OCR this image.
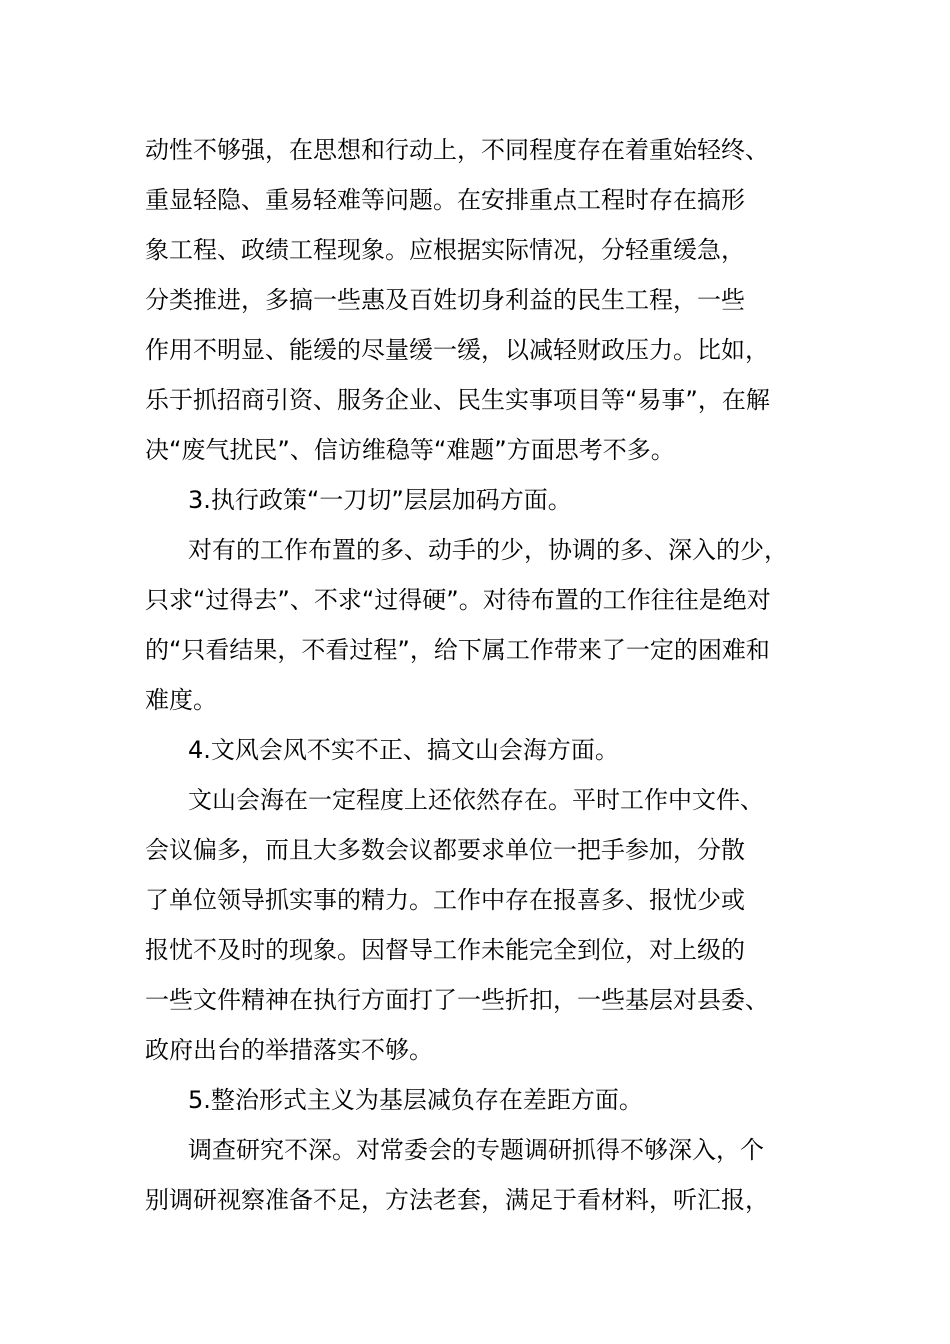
动性不够强，在思想和行动上，不同程度存在着重始轻终、
重显轻隐、重易轻难等问题。在安排重点工程时存在搞形
象工程、政绩工程现象。应根据实际情况，分轻重缓急，
分类推进，多搞一些惠及百姓切身利益的民生工程，一些
作用不明显、能缓的尽量缓一缓，以减轻财政压力。比如，
乐于抓招商引资、服务企业、民生实事项目等“易事”，在解
决“废气扰民”、信访维稳等“难题”方面思考不多。
3.执行政策“一刀切”层层加码方面。
对有的工作布置的多、动手的少，协调的多、深入的少，
只求“过得去”、不求“过得硬”。对待布置的工作往往是绝对
的“只看结果，不看过程”，给下属工作带来了一定的困难和
难度。
4.文风会风不实不正、搞文山会海方面。
文山会海在一定程度上还依然存在。平时工作中文件、
会议偏多，而且大多数会议都要求单位一把手参加，分散
了单位领导抓实事的精力。工作中存在报喜多、报忧少或
报忧不及时的现象。因督导工作未能完全到位，对上级的
一些文件精神在执行方面打了一些折扣，一些基层对县委、
政府出台的举措落实不够。
5.整治形式主义为基层减负存在差距方面。
调查研究不深。对常委会的专题调研抓得不够深入，个
别调研视察准备不足，方法老套，满足于看材料，听汇报，
